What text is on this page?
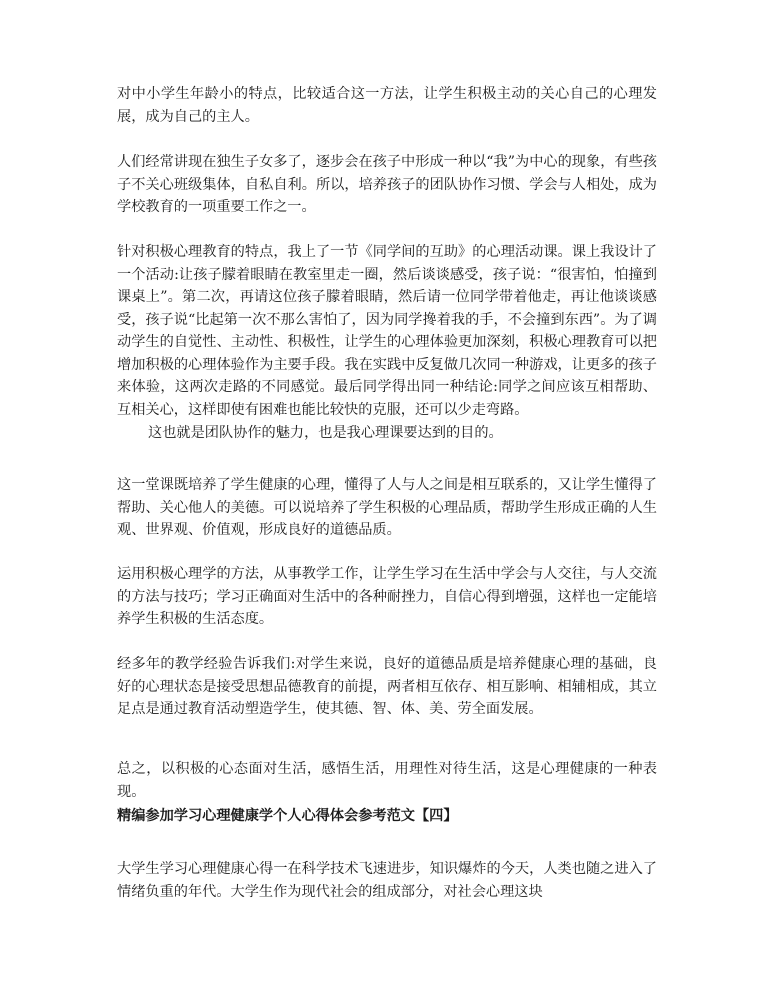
对中小学生年龄小的特点，比较适合这一方法，让学生积极主动的关心自己的心理发展，成为自己的主人。

人们经常讲现在独生子女多了，逐步会在孩子中形成一种以“我”为中心的现象，有些孩子不关心班级集体，自私自利。所以，培养孩子的团队协作习惯、学会与人相处，成为学校教育的一项重要工作之一。

针对积极心理教育的特点，我上了一节《同学间的互助》的心理活动课。课上我设计了一个活动:让孩子朦着眼睛在教室里走一圈，然后谈谈感受，孩子说：“很害怕，怕撞到课桌上”。第二次，再请这位孩子朦着眼睛，然后请一位同学带着他走，再让他谈谈感受，孩子说“比起第一次不那么害怕了，因为同学搀着我的手，不会撞到东西”。为了调动学生的自觉性、主动性、积极性，让学生的心理体验更加深刻，积极心理教育可以把增加积极的心理体验作为主要手段。我在实践中反复做几次同一种游戏，让更多的孩子来体验，这两次走路的不同感觉。最后同学得出同一种结论:同学之间应该互相帮助、互相关心，这样即使有困难也能比较快的克服，还可以少走弯路。

这也就是团队协作的魅力，也是我心理课要达到的目的。

这一堂课既培养了学生健康的心理，懂得了人与人之间是相互联系的，又让学生懂得了帮助、关心他人的美德。可以说培养了学生积极的心理品质，帮助学生形成正确的人生观、世界观、价值观，形成良好的道德品质。

运用积极心理学的方法，从事教学工作，让学生学习在生活中学会与人交往，与人交流的方法与技巧；学习正确面对生活中的各种耐挫力，自信心得到增强，这样也一定能培养学生积极的生活态度。

经多年的教学经验告诉我们:对学生来说，良好的道德品质是培养健康心理的基础，良好的心理状态是接受思想品德教育的前提，两者相互依存、相互影响、相辅相成，其立足点是通过教育活动塑造学生，使其德、智、体、美、劳全面发展。

总之，以积极的心态面对生活，感悟生活，用理性对待生活，这是心理健康的一种表现。

精编参加学习心理健康学个人心得体会参考范文【四】

大学生学习心理健康心得一在科学技术飞速进步，知识爆炸的今天，人类也随之进入了情绪负重的年代。大学生作为现代社会的组成部分，对社会心理这块
